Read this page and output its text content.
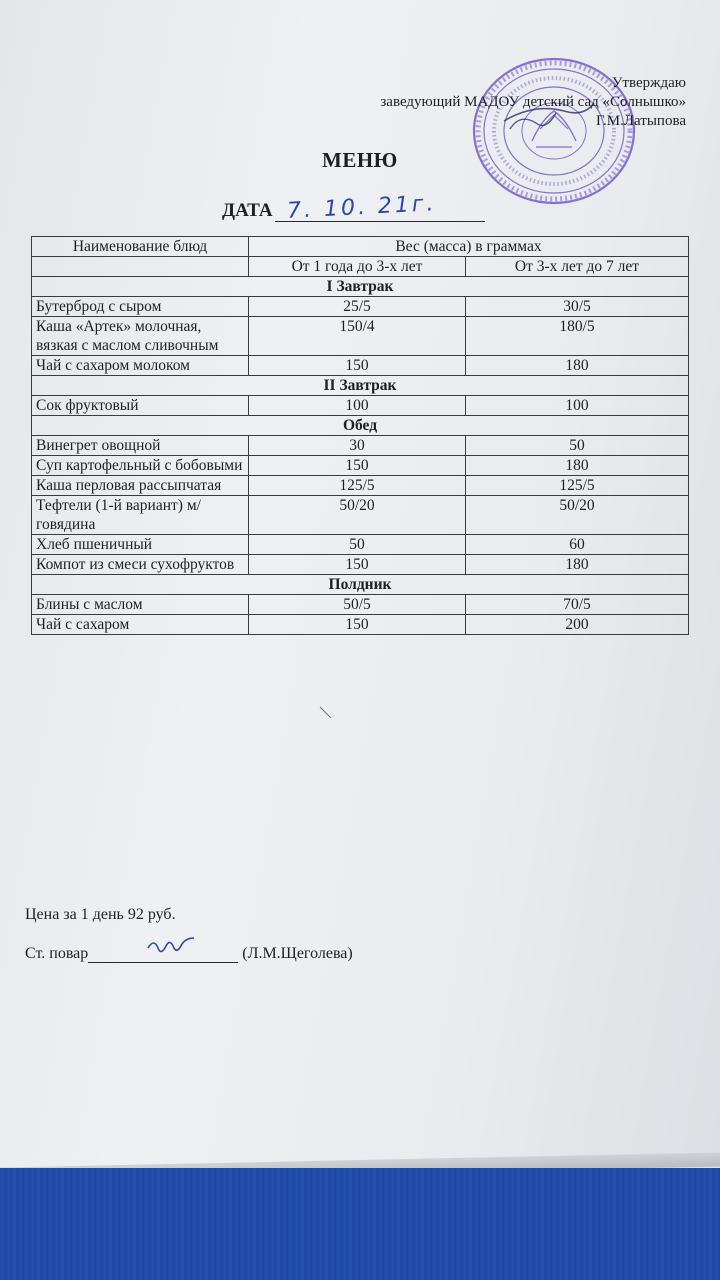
Утверждаю
заведующий МАДОУ детский сад «Солнышко»
Г.М.Латыпова
МЕНЮ
ДАТА 7. 10. 21г.
Наименование блюд	Вес (масса) в граммах	
	От 1 года до 3-х лет	От 3-х лет до 7 лет
I Завтрак		
Бутерброд с сыром	25/5	30/5
Каша «Артек» молочная, вязкая с маслом сливочным	150/4	180/5
Чай с сахаром молоком	150	180
II Завтрак		
Сок фруктовый	100	100
Обед		
Винегрет овощной	30	50
Суп картофельный с бобовыми	150	180
Каша перловая рассыпчатая	125/5	125/5
Тефтели (1-й вариант) м/говядина	50/20	50/20
Хлеб пшеничный	50	60
Компот из смеси сухофруктов	150	180
Полдник		
Блины с маслом	50/5	70/5
Чай с сахаром	150	200
Цена за 1 день 92 руб.
Ст. повар	(Л.М.Щеголева)
